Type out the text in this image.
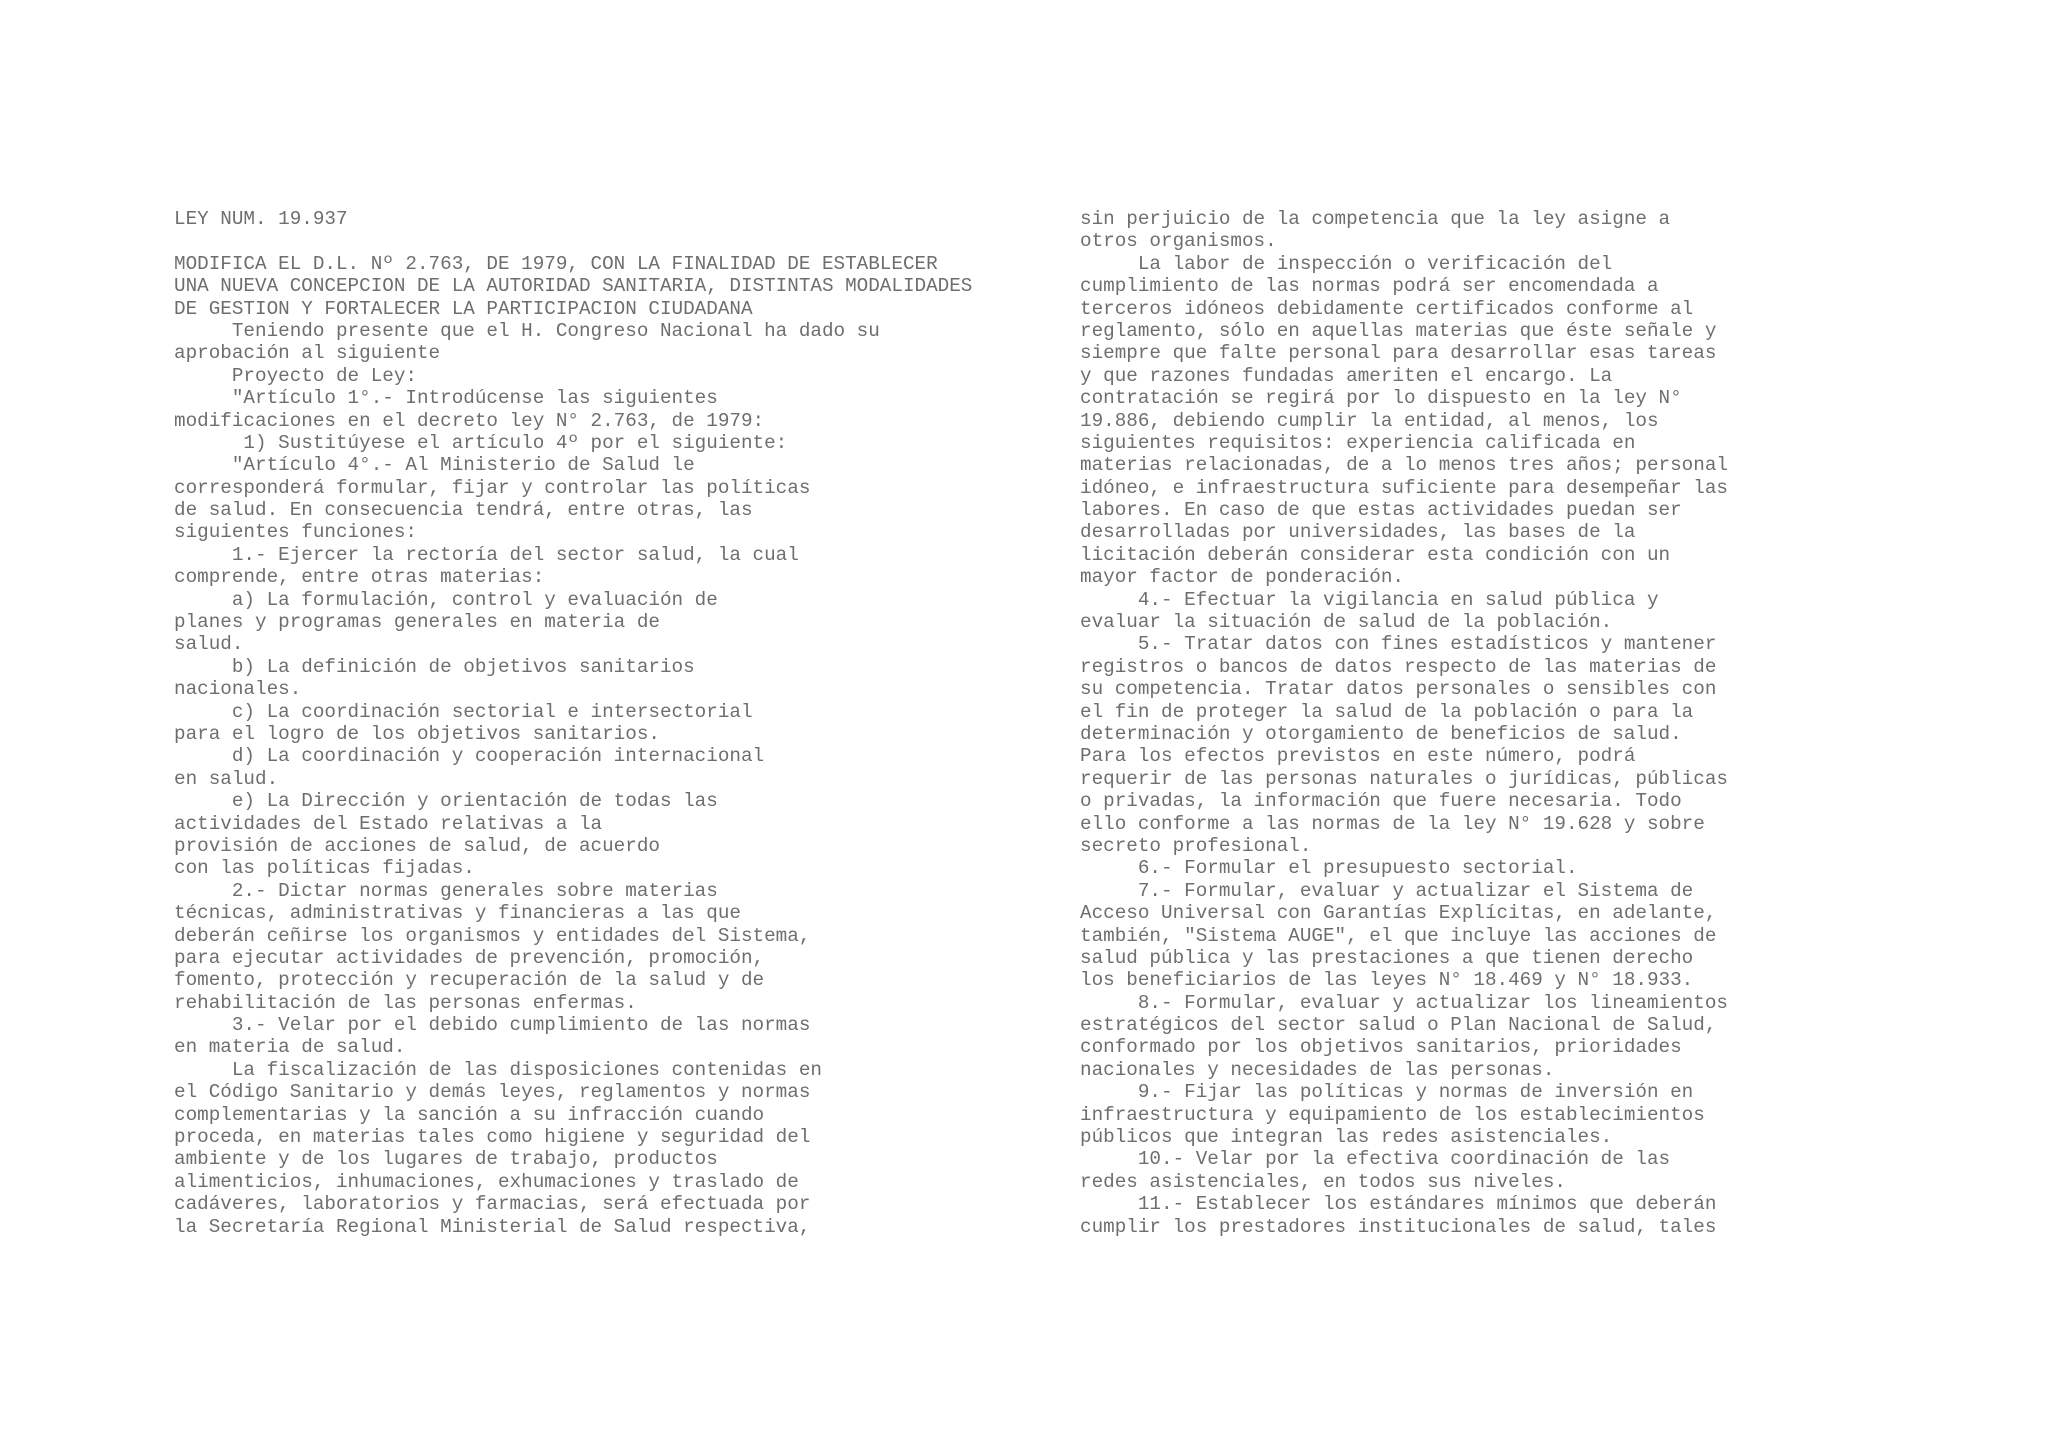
LEY NUM. 19.937
MODIFICA EL D.L. Nº 2.763, DE 1979, CON LA FINALIDAD DE ESTABLECER
UNA NUEVA CONCEPCION DE LA AUTORIDAD SANITARIA, DISTINTAS MODALIDADES
DE GESTION Y FORTALECER LA PARTICIPACION CIUDADANA
Teniendo presente que el H. Congreso Nacional ha dado su
aprobación al siguiente
Proyecto de Ley:
"Artículo 1°.- Introdúcense las siguientes
modificaciones en el decreto ley N° 2.763, de 1979:
1) Sustitúyese el artículo 4º por el siguiente:
"Artículo 4°.- Al Ministerio de Salud le
corresponderá formular, fijar y controlar las políticas
de salud. En consecuencia tendrá, entre otras, las
siguientes funciones:
1.- Ejercer la rectoría del sector salud, la cual
comprende, entre otras materias:
a) La formulación, control y evaluación de
planes y programas generales en materia de
salud.
b) La definición de objetivos sanitarios
nacionales.
c) La coordinación sectorial e intersectorial
para el logro de los objetivos sanitarios.
d) La coordinación y cooperación internacional
en salud.
e) La Dirección y orientación de todas las
actividades del Estado relativas a la
provisión de acciones de salud, de acuerdo
con las políticas fijadas.
2.- Dictar normas generales sobre materias
técnicas, administrativas y financieras a las que
deberán ceñirse los organismos y entidades del Sistema,
para ejecutar actividades de prevención, promoción,
fomento, protección y recuperación de la salud y de
rehabilitación de las personas enfermas.
3.- Velar por el debido cumplimiento de las normas
en materia de salud.
La fiscalización de las disposiciones contenidas en
el Código Sanitario y demás leyes, reglamentos y normas
complementarias y la sanción a su infracción cuando
proceda, en materias tales como higiene y seguridad del
ambiente y de los lugares de trabajo, productos
alimenticios, inhumaciones, exhumaciones y traslado de
cadáveres, laboratorios y farmacias, será efectuada por
la Secretaría Regional Ministerial de Salud respectiva,
sin perjuicio de la competencia que la ley asigne a
otros organismos.
La labor de inspección o verificación del
cumplimiento de las normas podrá ser encomendada a
terceros idóneos debidamente certificados conforme al
reglamento, sólo en aquellas materias que éste señale y
siempre que falte personal para desarrollar esas tareas
y que razones fundadas ameriten el encargo. La
contratación se regirá por lo dispuesto en la ley N°
19.886, debiendo cumplir la entidad, al menos, los
siguientes requisitos: experiencia calificada en
materias relacionadas, de a lo menos tres años; personal
idóneo, e infraestructura suficiente para desempeñar las
labores. En caso de que estas actividades puedan ser
desarrolladas por universidades, las bases de la
licitación deberán considerar esta condición con un
mayor factor de ponderación.
4.- Efectuar la vigilancia en salud pública y
evaluar la situación de salud de la población.
5.- Tratar datos con fines estadísticos y mantener
registros o bancos de datos respecto de las materias de
su competencia. Tratar datos personales o sensibles con
el fin de proteger la salud de la población o para la
determinación y otorgamiento de beneficios de salud.
Para los efectos previstos en este número, podrá
requerir de las personas naturales o jurídicas, públicas
o privadas, la información que fuere necesaria. Todo
ello conforme a las normas de la ley N° 19.628 y sobre
secreto profesional.
6.- Formular el presupuesto sectorial.
7.- Formular, evaluar y actualizar el Sistema de
Acceso Universal con Garantías Explícitas, en adelante,
también, "Sistema AUGE", el que incluye las acciones de
salud pública y las prestaciones a que tienen derecho
los beneficiarios de las leyes N° 18.469 y N° 18.933.
8.- Formular, evaluar y actualizar los lineamientos
estratégicos del sector salud o Plan Nacional de Salud,
conformado por los objetivos sanitarios, prioridades
nacionales y necesidades de las personas.
9.- Fijar las políticas y normas de inversión en
infraestructura y equipamiento de los establecimientos
públicos que integran las redes asistenciales.
10.- Velar por la efectiva coordinación de las
redes asistenciales, en todos sus niveles.
11.- Establecer los estándares mínimos que deberán
cumplir los prestadores institucionales de salud, tales
